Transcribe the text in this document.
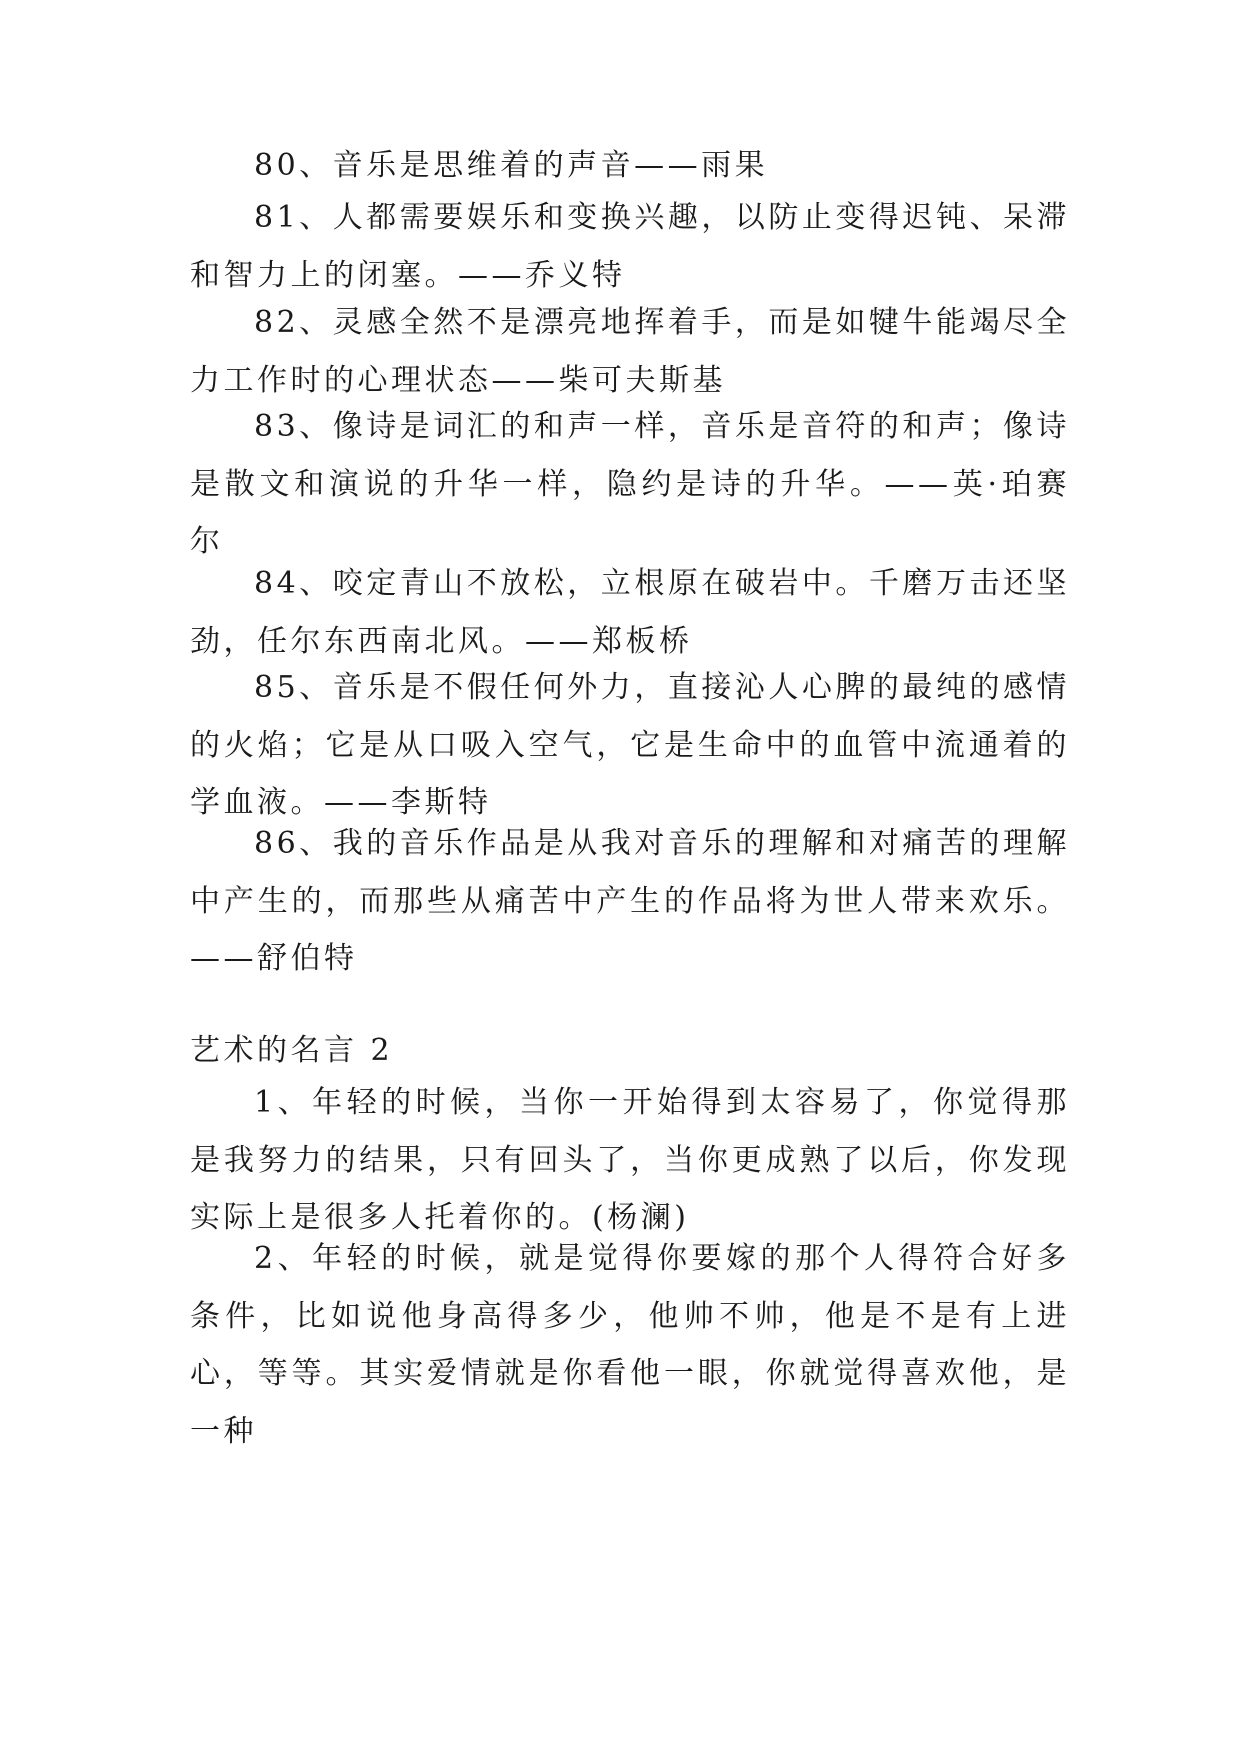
80、音乐是思维着的声音——雨果

81、人都需要娱乐和变换兴趣，以防止变得迟钝、呆滞和智力上的闭塞。——乔义特

82、灵感全然不是漂亮地挥着手，而是如犍牛能竭尽全力工作时的心理状态——柴可夫斯基

83、像诗是词汇的和声一样，音乐是音符的和声；像诗是散文和演说的升华一样，隐约是诗的升华。——英·珀赛尔

84、咬定青山不放松，立根原在破岩中。千磨万击还坚劲，任尔东西南北风。——郑板桥

85、音乐是不假任何外力，直接沁人心脾的最纯的感情的火焰；它是从口吸入空气，它是生命中的血管中流通着的学血液。——李斯特

86、我的音乐作品是从我对音乐的理解和对痛苦的理解中产生的，而那些从痛苦中产生的作品将为世人带来欢乐。——舒伯特

艺术的名言 2

1、年轻的时候，当你一开始得到太容易了，你觉得那是我努力的结果，只有回头了，当你更成熟了以后，你发现实际上是很多人托着你的。(杨澜)

2、年轻的时候，就是觉得你要嫁的那个人得符合好多条件，比如说他身高得多少，他帅不帅，他是不是有上进心，等等。其实爱情就是你看他一眼，你就觉得喜欢他，是一种
